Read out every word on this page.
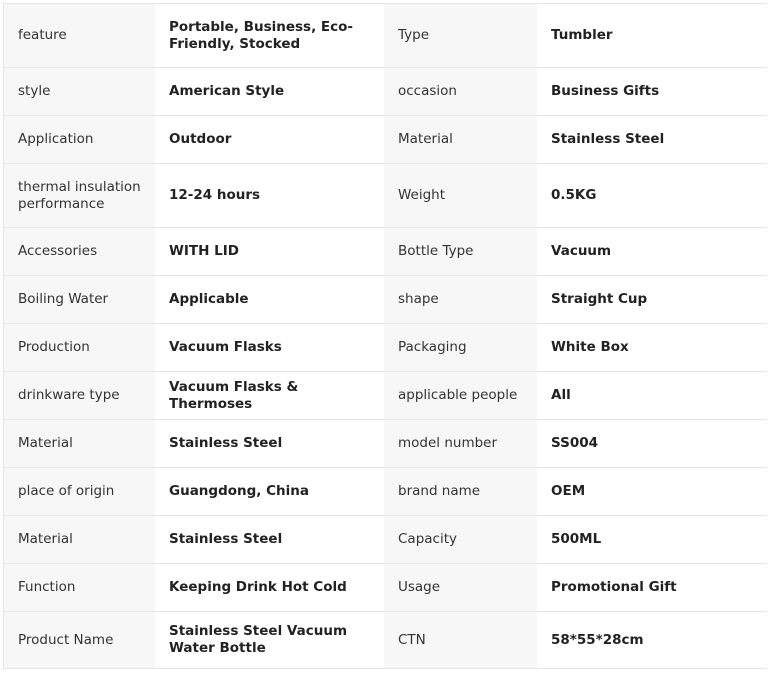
feature	Portable, Business, Eco-Friendly, Stocked	Type	Tumbler
style	American Style	occasion	Business Gifts
Application	Outdoor	Material	Stainless Steel
thermal insulation performance	12-24 hours	Weight	0.5KG
Accessories	WITH LID	Bottle Type	Vacuum
Boiling Water	Applicable	shape	Straight Cup
Production	Vacuum Flasks	Packaging	White Box
drinkware type	Vacuum Flasks & Thermoses	applicable people	All
Material	Stainless Steel	model number	SS004
place of origin	Guangdong, China	brand name	OEM
Material	Stainless Steel	Capacity	500ML
Function	Keeping Drink Hot Cold	Usage	Promotional Gift
Product Name	Stainless Steel Vacuum Water Bottle	CTN	58*55*28cm
